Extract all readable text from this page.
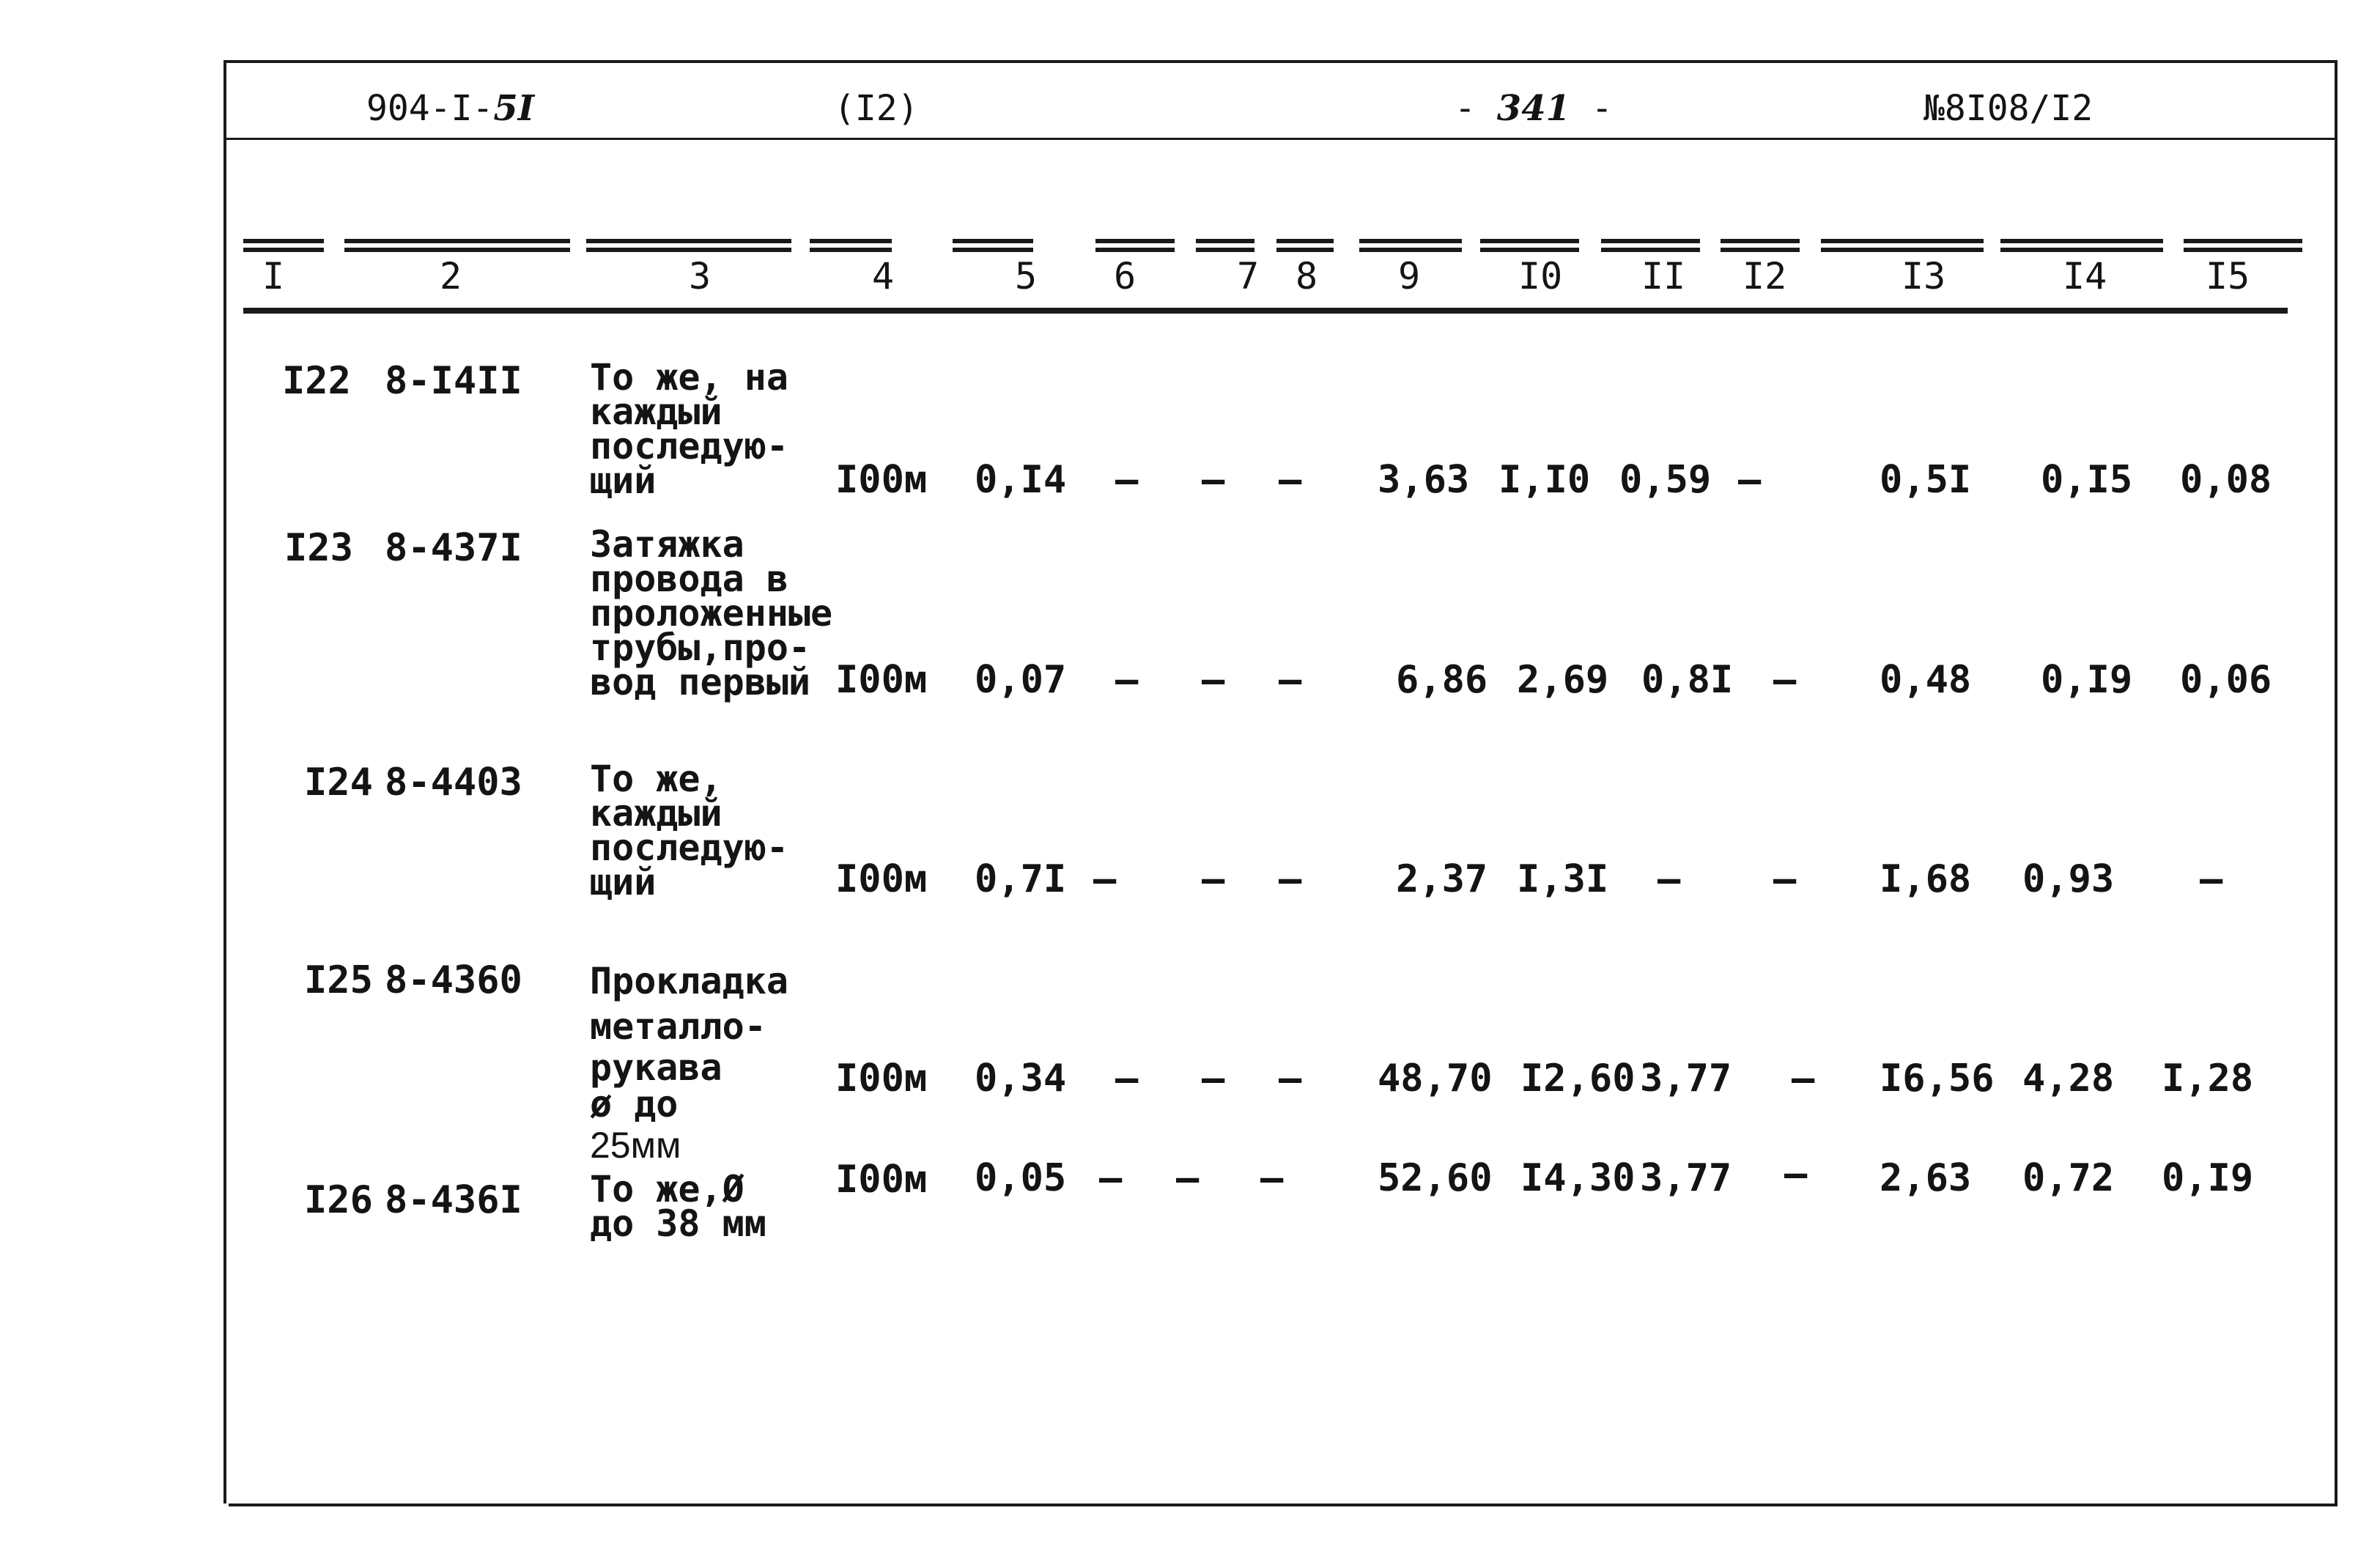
904-I-5I	(I2)	- 341 -	№8I08/I2
I	2	3	4	5 6	7 8 9	I0 II I2	I3	I4	I5
I22 8-I4II То же, на
каждый
последую-
щий	I00м 0,I4 – – – 3,63 I,I0 0,59 –	0,5I 0,I5 0,08
I23 8-437I Затяжка
провода в
проложенные
трубы,про-
вод первый I00м 0,07 – – – 6,86 2,69 0,8I – 0,48 0,I9 0,06
I24 8-4403 То же,
каждый
последую-
щий	I00м 0,7I – – – 2,37 I,3I – – I,68 0,93 –
I25 8-4360 Прокладка
металло-
рукава
ø до
25мм
I00м 0,34 – – – 48,70 I2,60 3,77 – I6,56 4,28 I,28
I26 8-436I То же,Ø
до 38 мм
I00м 0,05 – – – 52,60 I4,30 3,77 – 2,63 0,72 0,I9
